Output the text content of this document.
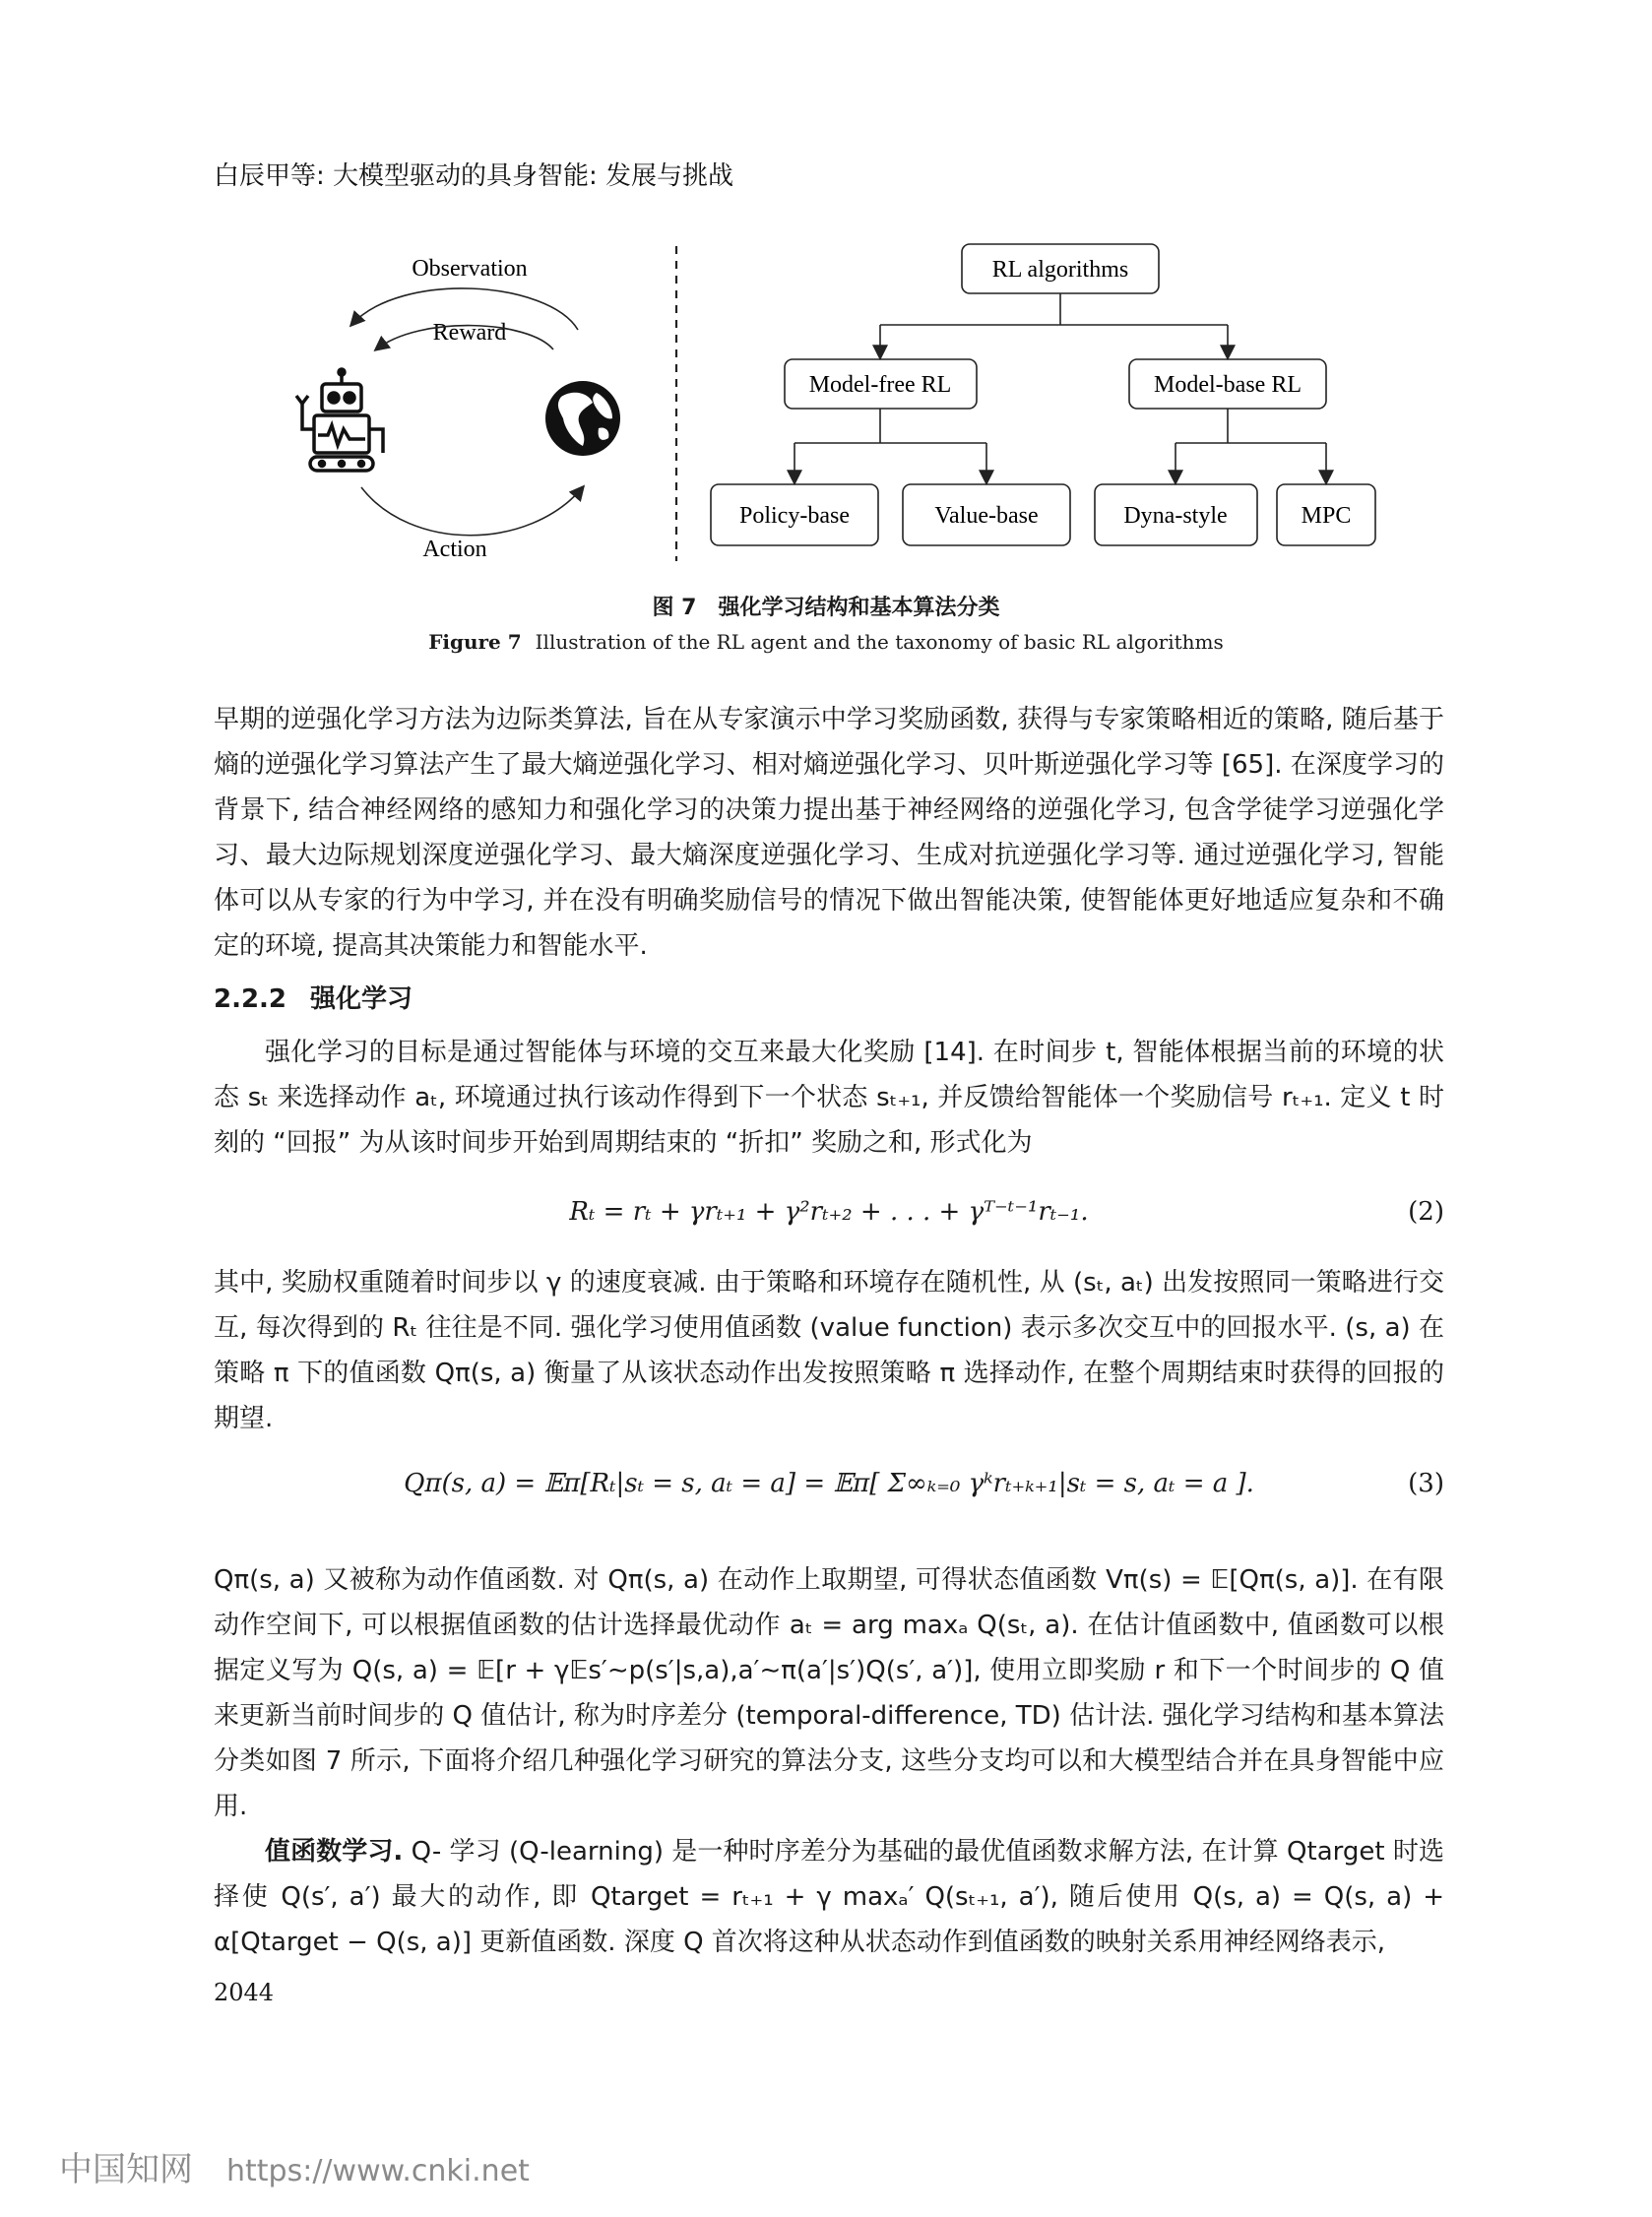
白辰甲等: 大模型驱动的具身智能: 发展与挑战
Observation
Reward
Action
RL algorithms
Model-free RL	Model-base RL
Policy-base	Value-base	Dyna-style	MPC
图 7　强化学习结构和基本算法分类
Figure 7 Illustration of the RL agent and the taxonomy of basic RL algorithms
早期的逆强化学习方法为边际类算法, 旨在从专家演示中学习奖励函数, 获得与专家策略相近的策略, 随后基于熵的逆强化学习算法产生了最大熵逆强化学习、相对熵逆强化学习、贝叶斯逆强化学习等 [65]. 在深度学习的背景下, 结合神经网络的感知力和强化学习的决策力提出基于神经网络的逆强化学习, 包含学徒学习逆强化学习、最大边际规划深度逆强化学习、最大熵深度逆强化学习、生成对抗逆强化学习等. 通过逆强化学习, 智能体可以从专家的行为中学习, 并在没有明确奖励信号的情况下做出智能决策, 使智能体更好地适应复杂和不确定的环境, 提高其决策能力和智能水平.
2.2.2 强化学习
强化学习的目标是通过智能体与环境的交互来最大化奖励 [14]. 在时间步 t, 智能体根据当前的环境的状态 sₜ 来选择动作 aₜ, 环境通过执行该动作得到下一个状态 sₜ₊₁, 并反馈给智能体一个奖励信号 rₜ₊₁. 定义 t 时刻的 “回报” 为从该时间步开始到周期结束的 “折扣” 奖励之和, 形式化为
Rₜ = rₜ + γrₜ₊₁ + γ²rₜ₊₂ + . . . + γᵀ⁻ᵗ⁻¹rₜ₋₁.	(2)
其中, 奖励权重随着时间步以 γ 的速度衰减. 由于策略和环境存在随机性, 从 (sₜ, aₜ) 出发按照同一策略进行交互, 每次得到的 Rₜ 往往是不同. 强化学习使用值函数 (value function) 表示多次交互中的回报水平. (s, a) 在策略 π 下的值函数 Qπ(s, a) 衡量了从该状态动作出发按照策略 π 选择动作, 在整个周期结束时获得的回报的期望.
Qπ(s, a) = 𝔼π[Rₜ|sₜ = s, aₜ = a] = 𝔼π[ Σ∞ₖ₌₀ γᵏrₜ₊ₖ₊₁|sₜ = s, aₜ = a ].	(3)
Qπ(s, a) 又被称为动作值函数. 对 Qπ(s, a) 在动作上取期望, 可得状态值函数 Vπ(s) = 𝔼[Qπ(s, a)]. 在有限动作空间下, 可以根据值函数的估计选择最优动作 aₜ = arg maxₐ Q(sₜ, a). 在估计值函数中, 值函数可以根据定义写为 Q(s, a) = 𝔼[r + γ𝔼s′∼p(s′|s,a),a′∼π(a′|s′)Q(s′, a′)], 使用立即奖励 r 和下一个时间步的 Q 值来更新当前时间步的 Q 值估计, 称为时序差分 (temporal-difference, TD) 估计法. 强化学习结构和基本算法分类如图 7 所示, 下面将介绍几种强化学习研究的算法分支, 这些分支均可以和大模型结合并在具身智能中应用.
值函数学习. Q- 学习 (Q-learning) 是一种时序差分为基础的最优值函数求解方法, 在计算 Qtarget 时选择使 Q(s′, a′) 最大的动作, 即 Qtarget = rₜ₊₁ + γ maxₐ′ Q(sₜ₊₁, a′), 随后使用 Q(s, a) = Q(s, a) + α[Qtarget − Q(s, a)] 更新值函数. 深度 Q 首次将这种从状态动作到值函数的映射关系用神经网络表示,
2044
中国知网 https://www.cnki.net
